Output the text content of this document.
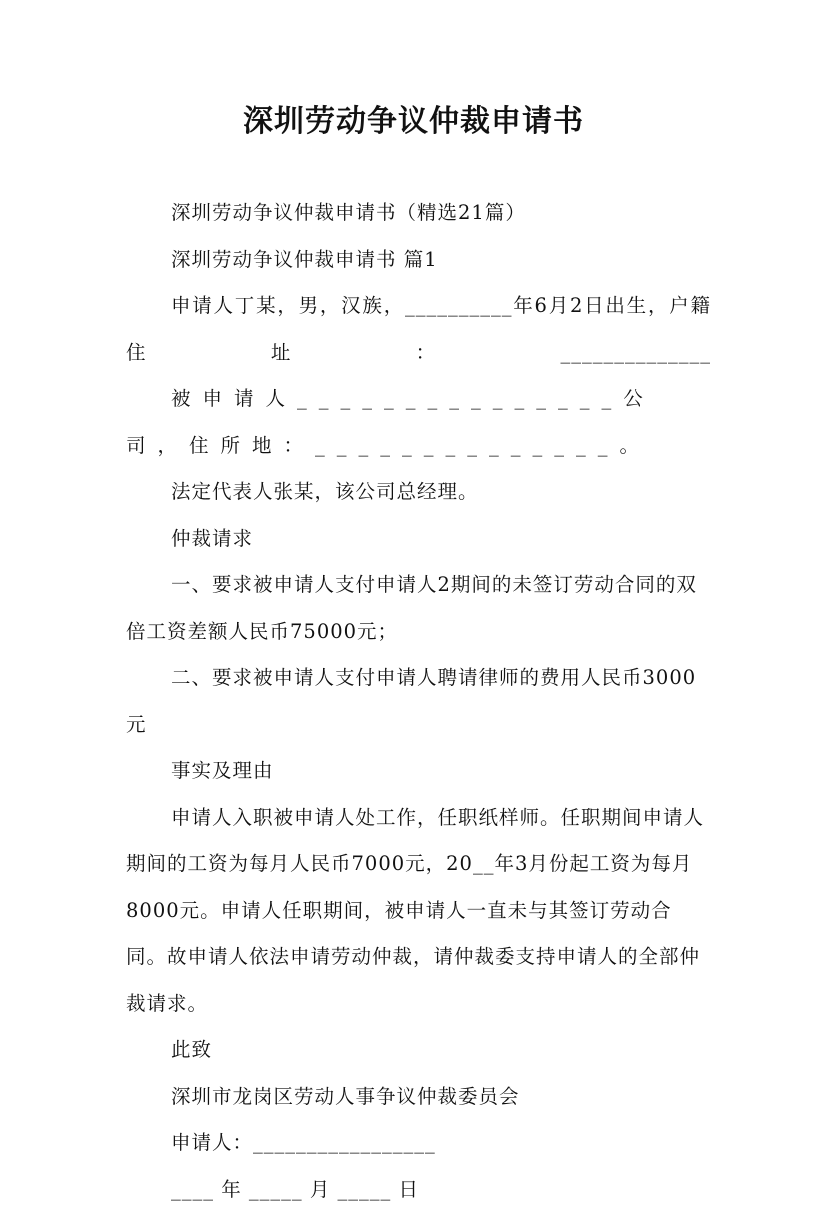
深圳劳动争议仲裁申请书

深圳劳动争议仲裁申请书（精选21篇）

深圳劳动争议仲裁申请书 篇1

申请人丁某，男，汉族，__________年6月2日出生，户籍住址：______________

被申请人_______________公司，住所地：______________。

法定代表人张某，该公司总经理。

仲裁请求

一、要求被申请人支付申请人2期间的未签订劳动合同的双倍工资差额人民币75000元；

二、要求被申请人支付申请人聘请律师的费用人民币3000元

事实及理由

申请人入职被申请人处工作，任职纸样师。任职期间申请人期间的工资为每月人民币7000元，20__年3月份起工资为每月8000元。申请人任职期间，被申请人一直未与其签订劳动合同。故申请人依法申请劳动仲裁，请仲裁委支持申请人的全部仲裁请求。

此致

深圳市龙岗区劳动人事争议仲裁委员会

申请人：_________________

____ 年 _____ 月 _____ 日
